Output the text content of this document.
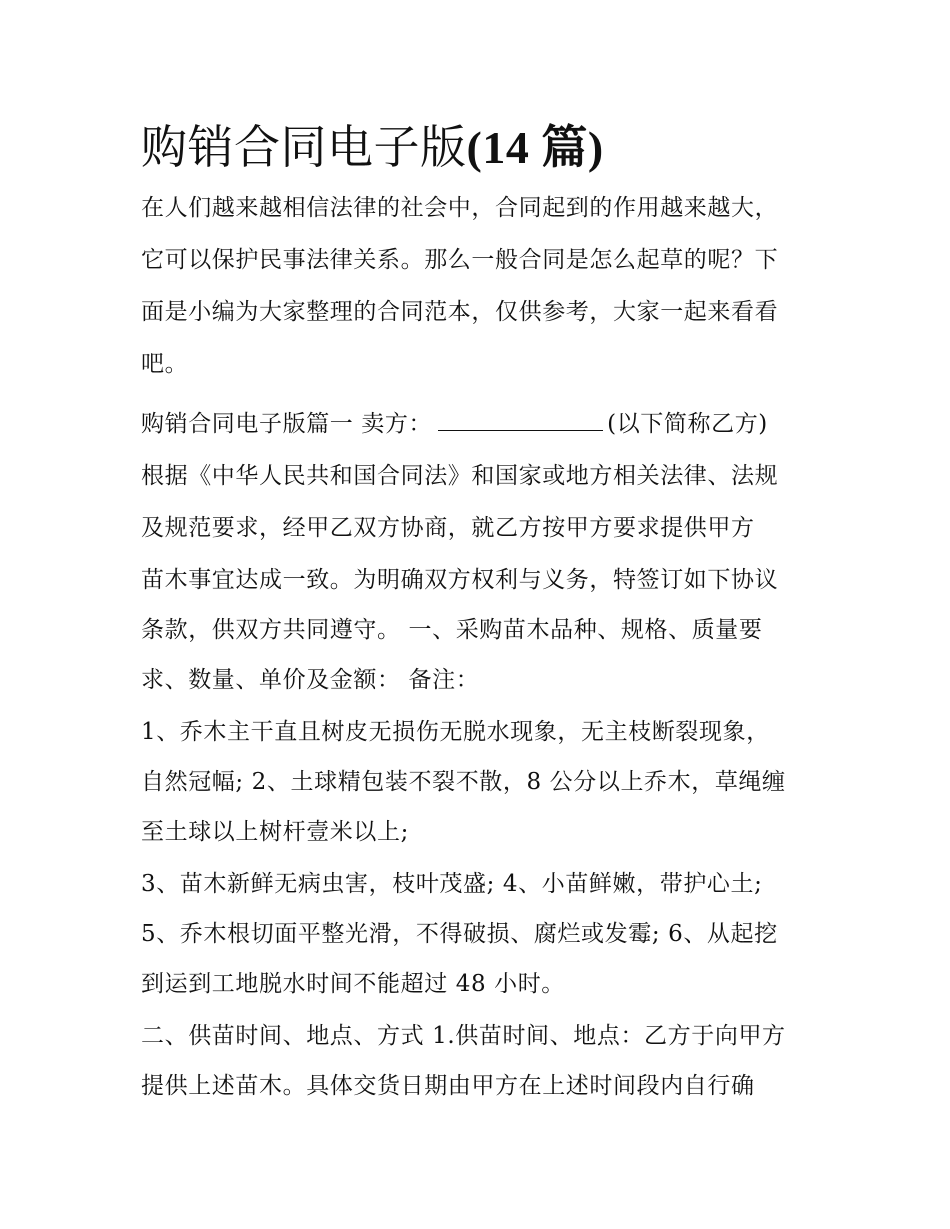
购销合同电子版(14 篇)

在人们越来越相信法律的社会中，合同起到的作用越来越大，

它可以保护民事法律关系。那么一般合同是怎么起草的呢？下

面是小编为大家整理的合同范本，仅供参考，大家一起来看看

吧。

购销合同电子版篇一 卖方：	(以下简称乙方)

根据《中华人民共和国合同法》和国家或地方相关法律、法规

及规范要求，经甲乙双方协商，就乙方按甲方要求提供甲方

苗木事宜达成一致。为明确双方权利与义务，特签订如下协议

条款，供双方共同遵守。 一、采购苗木品种、规格、质量要

求、数量、单价及金额： 备注：

1、乔木主干直且树皮无损伤无脱水现象，无主枝断裂现象，

自然冠幅; 2、土球精包装不裂不散，8 公分以上乔木，草绳缠

至土球以上树杆壹米以上;

3、苗木新鲜无病虫害，枝叶茂盛; 4、小苗鲜嫩，带护心土;

5、乔木根切面平整光滑，不得破损、腐烂或发霉; 6、从起挖

到运到工地脱水时间不能超过 48 小时。

二、供苗时间、地点、方式 1.供苗时间、地点：乙方于向甲方

提供上述苗木。具体交货日期由甲方在上述时间段内自行确
